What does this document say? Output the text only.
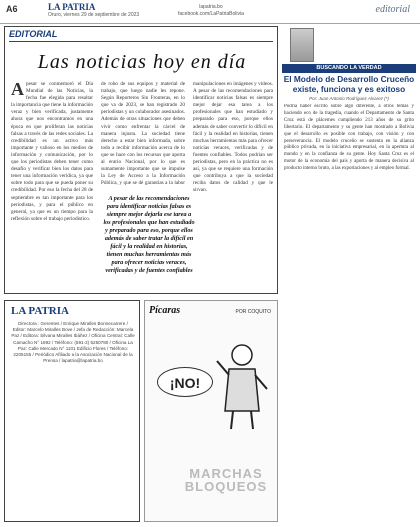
A6	LA PATRIA
Oruro, viernes 29 de septiembre de 2023
lapatria.bo
facebook.com/LaPatriaBolivia	editorial
EDITORIAL
Las noticias hoy en día
A pesar se conmemoró el Día Mundial de las Noticias, la fecha fue elegida para resaltar la importancia que tiene la información veraz y bien verificada, justamente ahora que nos encontramos en una época en que proliferan las noticias falsas a través de las redes sociales. La credibilidad es un activo más importante y valioso en los medios de información y comunicación, por lo que los periodistas deben tener como desafío y verificar bien los datos para tener una información verídica, ya que sobre todo para que se pueda poner su credibilidad. Por eso la fecha del 28 de septiembre es tan importante para los periodistas, y para el público en general, ya que es un tiempo para la reflexión sobre el trabajo periodístico.
de robo de sus equipos y material de trabajo, que luego nadie les repone. Según Reporteros Sin Fronteras, en lo que va de 2023, se han registrado 20 periodistas y un colaborador asesinados. Además de otras situaciones que deben vivir como enfrentar la cárcel de manera injusta. La sociedad tiene derecho a estar bien informada, sobre todo a recibir información acerca de lo que se hace con los recursos que aporta al erario Nacional, por lo que es sumamente importante que se impulse la Ley de Acceso a la Información Pública, y que se dé garantías a la labor
A pesar de las recomendaciones para identificar noticias falsas es siempre mejor dejarla ese tarea a los profesionales que han estudiado y preparado para eso, porque ellos además de saber tratar la difícil en fácil y la realidad en historias, tienen muchas herramientas más para ofrecer noticias veraces, verificadas y de fuentes confiables
manipulaciones en imágenes y videos. A pesar de las recomendaciones para identificar noticias falsas es siempre mejor dejar esa tarea a los profesionales que han estudiado y preparado para eso, porque ellos además de saber convertir lo difícil en fácil y la realidad en historias, tienen muchas herramientas más para ofrecer noticias veraces, verificadas y de fuentes confiables. Todos podrían ser periodistas, pero en la práctica no es así, ya que se requiere una formación que contribuya a que la sociedad reciba datos de calidad y que le sirvan.
BUSCANDO LA VERDAD
El Modelo de Desarrollo Cruceño existe, funciona y es exitoso
Por: Juan Antonio Rodríguez Alvarez (*)
Podría haber escrito sobre algo diferente, a otros temas y haciendo eco de la tragedia, cuando el Departamento de Santa Cruz está de plácemes cumpliendo 213 años de su grito libertario. El departamento y su gente han mostrado a Bolivia que el desarrollo es posible con trabajo, con visión y con perseverancia. El modelo cruceño se sustenta en la alianza público privada, en la iniciativa empresarial, en la apertura al mundo y en la confianza de su gente. Hoy Santa Cruz es el motor de la economía del país y aporta de manera decisiva al producto interno bruto, a las exportaciones y al empleo formal.
LA PATRIA
Directora : Gerentes / Enrique Miralles Bonnecarrere / Editor: Marcelo Miralles Bove / Jefa de Redacción: Marcela Paz / Editora: Silvana Miralles Ibáñez / Oficina Central: Calle Camacho N° 1892 / Teléfono: (591-2) 5250780 / Oficina La Paz: Calle Mercado N° 1101 Edificio Flores / Teléfono: 2205155 / Periódico Afiliado a la Asociación Nacional de la Prensa / lapatria@lapatria.bo
Pícaras	POR COQUITO
¡NO!
MARCHAS BLOQUEOS
